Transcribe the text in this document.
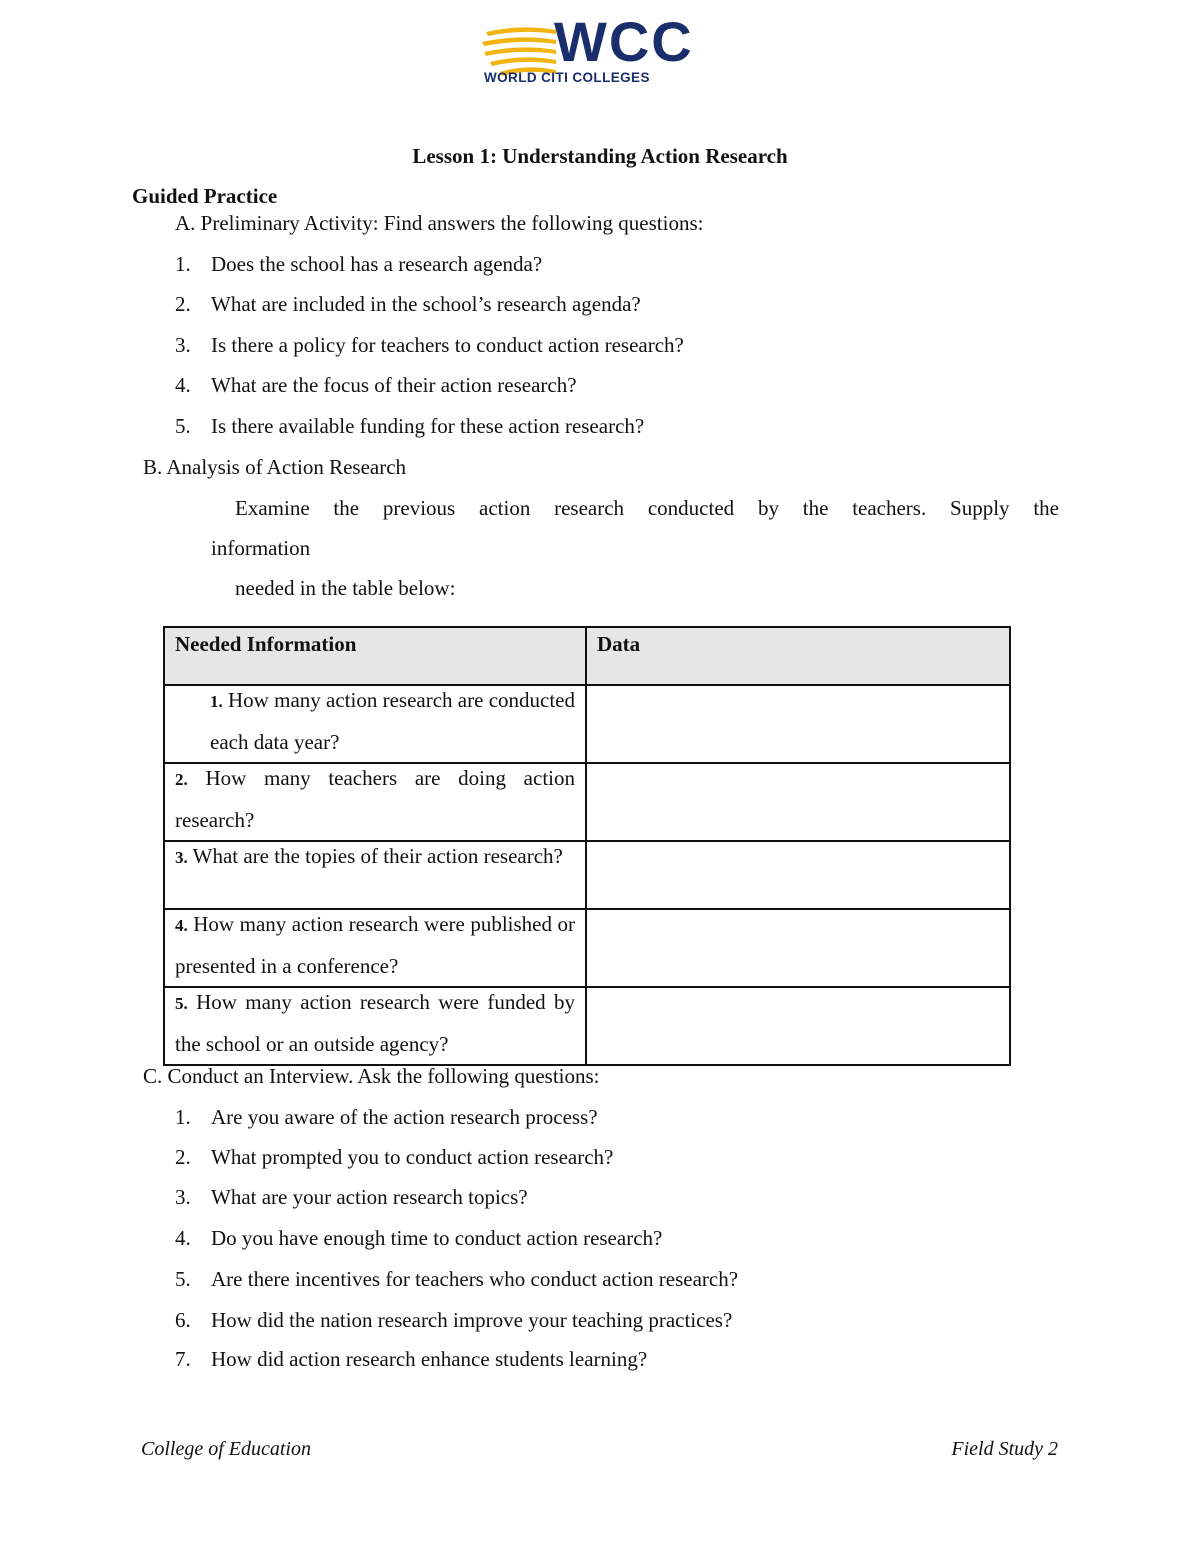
WCC
WORLD CITI COLLEGES
Lesson 1: Understanding Action Research
Guided Practice
A. Preliminary Activity: Find answers the following questions:
1. Does the school has a research agenda?
2. What are included in the school’s research agenda?
3. Is there a policy for teachers to conduct action research?
4. What are the focus of their action research?
5. Is there available funding for these action research?
B. Analysis of Action Research
Examine the previous action research conducted by the teachers. Supply the
information
needed in the table below:
Needed Information	Data

1. How many action research are conducted each data year?	

2. How many teachers are doing action research?	

3. What are the topies of their action research?	

4. How many action research were published or presented in a conference?	

5. How many action research were funded by the school or an outside agency?	

C. Conduct an Interview. Ask the following questions:
1. Are you aware of the action research process?
2. What prompted you to conduct action research?
3. What are your action research topics?
4. Do you have enough time to conduct action research?
5. Are there incentives for teachers who conduct action research?
6. How did the nation research improve your teaching practices?
7. How did action research enhance students learning?
College of Education	Field Study 2
